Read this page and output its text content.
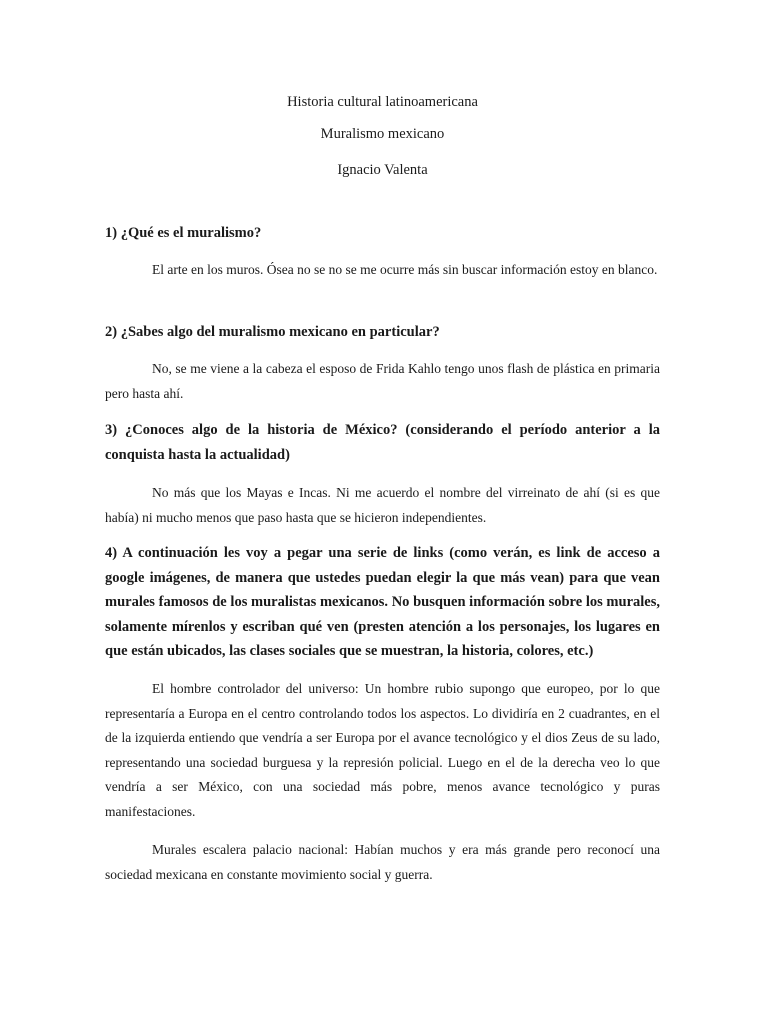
Historia cultural latinoamericana
Muralismo mexicano
Ignacio Valenta
1) ¿Qué es el muralismo?
El arte en los muros. Ósea no se no se me ocurre más sin buscar información estoy en blanco.
2) ¿Sabes algo del muralismo mexicano en particular?
No, se me viene a la cabeza el esposo de Frida Kahlo tengo unos flash de plástica en primaria pero hasta ahí.
3) ¿Conoces algo de la historia de México? (considerando el período anterior a la conquista hasta la actualidad)
No más que los Mayas e Incas. Ni me acuerdo el nombre del virreinato de ahí (si es que había) ni mucho menos que paso hasta que se hicieron independientes.
4) A continuación les voy a pegar una serie de links (como verán, es link de acceso a google imágenes, de manera que ustedes puedan elegir la que más vean) para que vean murales famosos de los muralistas mexicanos. No busquen información sobre los murales, solamente mírenlos y escriban qué ven (presten atención a los personajes, los lugares en que están ubicados, las clases sociales que se muestran, la historia, colores, etc.)
El hombre controlador del universo: Un hombre rubio supongo que europeo, por lo que representaría a Europa en el centro controlando todos los aspectos. Lo dividiría en 2 cuadrantes, en el de la izquierda entiendo que vendría a ser Europa por el avance tecnológico y el dios Zeus de su lado, representando una sociedad burguesa y la represión policial. Luego en el de la derecha veo lo que vendría a ser México, con una sociedad más pobre, menos avance tecnológico y puras manifestaciones.
Murales escalera palacio nacional: Habían muchos y era más grande pero reconocí una sociedad mexicana en constante movimiento social y guerra.
